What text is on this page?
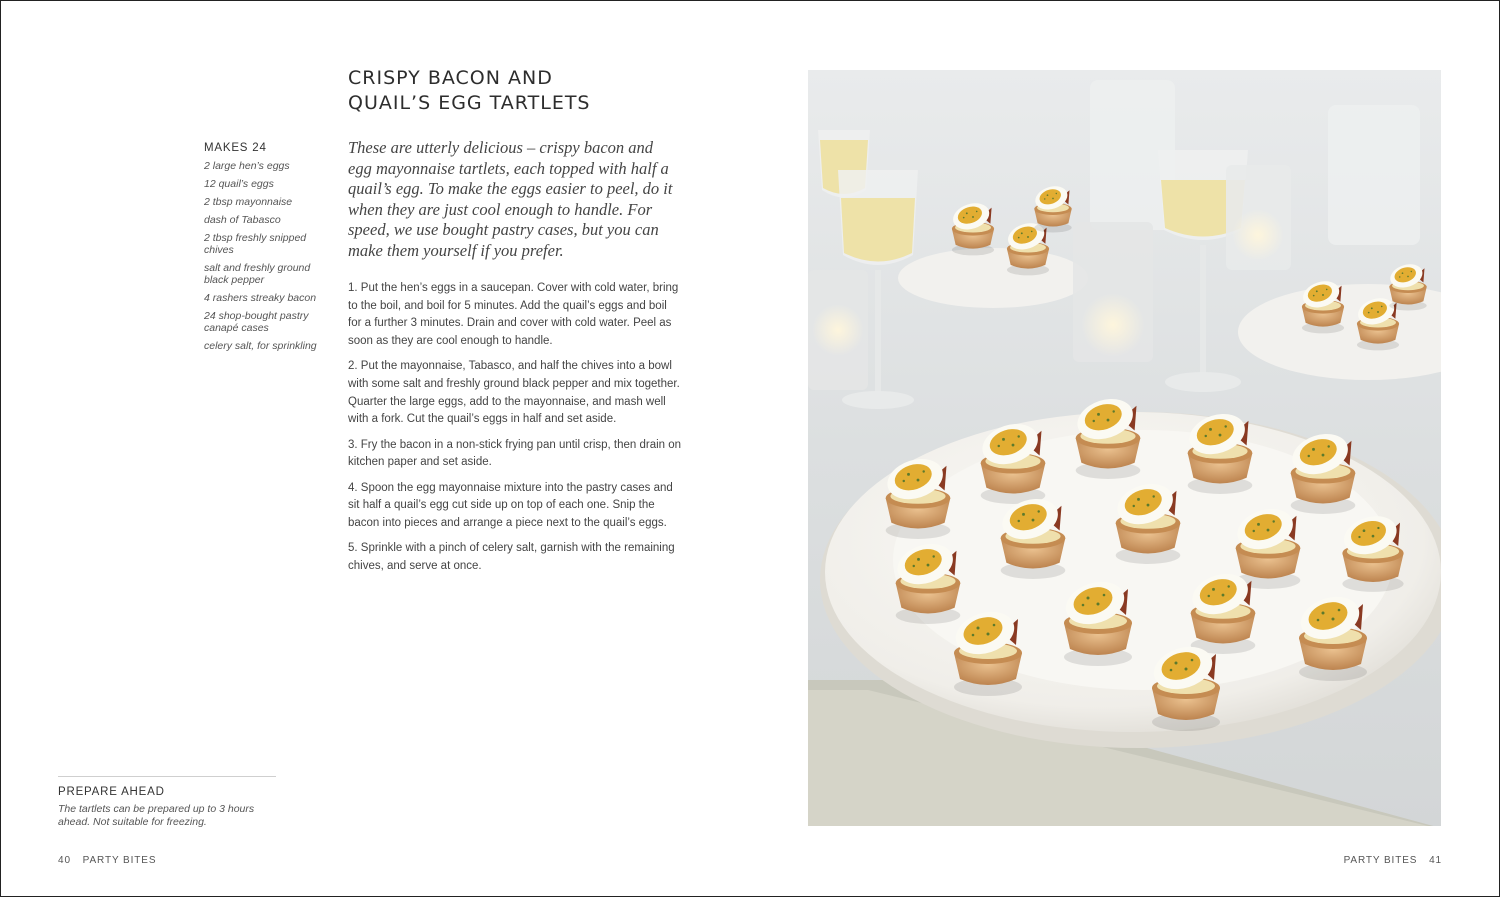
CRISPY BACON AND
QUAIL’S EGG TARTLETS
MAKES 24
2 large hen’s eggs
12 quail’s eggs
2 tbsp mayonnaise
dash of Tabasco
2 tbsp freshly snipped chives
salt and freshly ground black pepper
4 rashers streaky bacon
24 shop-bought pastry canapé cases
celery salt, for sprinkling

These are utterly delicious – crispy bacon and egg mayonnaise tartlets, each topped with half a quail’s egg. To make the eggs easier to peel, do it when they are just cool enough to handle. For speed, we use bought pastry cases, but you can make them yourself if you prefer.

1. Put the hen’s eggs in a saucepan. Cover with cold water, bring to the boil, and boil for 5 minutes. Add the quail’s eggs and boil for a further 3 minutes. Drain and cover with cold water. Peel as soon as they are cool enough to handle.
2. Put the mayonnaise, Tabasco, and half the chives into a bowl with some salt and freshly ground black pepper and mix together. Quarter the large eggs, add to the mayonnaise, and mash well with a fork. Cut the quail’s eggs in half and set aside.
3. Fry the bacon in a non-stick frying pan until crisp, then drain on kitchen paper and set aside.
4. Spoon the egg mayonnaise mixture into the pastry cases and sit half a quail’s egg cut side up on top of each one. Snip the bacon into pieces and arrange a piece next to the quail’s eggs.
5. Sprinkle with a pinch of celery salt, garnish with the remaining chives, and serve at once.
PREPARE AHEAD
The tartlets can be prepared up to 3 hours ahead. Not suitable for freezing.
40 PARTY BITES	PARTY BITES 41
